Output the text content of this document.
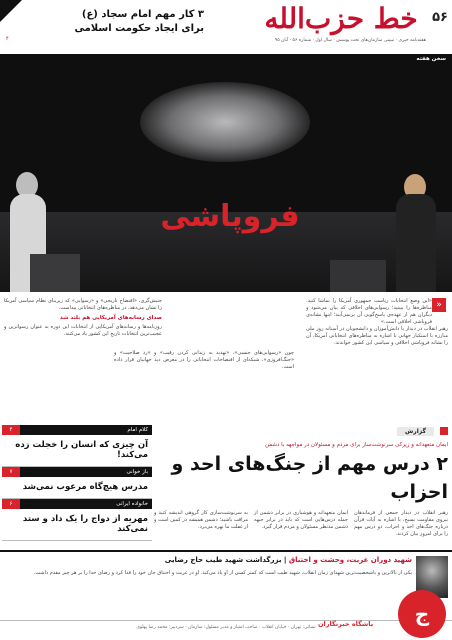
۵۶
خط حزب‌الله
هفته‌نامه خبری · تبیینی سازمان‌های تحت پوشش · سال اول · شماره ۵۶ · آبان ۹۵
۳ کار مهم امام سجاد (ع)
برای ایجاد حکومت اسلامی
۴
سخن هفته
فروپاشی
«
«این وضع انتخابات ریاست جمهوری آمریکا را تماشا کنید. مناظره‌ها را ببینید؛ رسوایی‌های اخلاقی که بیان می‌شود و دیگران هم از عهده‌ی پاسخ‌گویی آن برنمی‌آیند؛ اینها نشانه‌ی فروپاشی اخلاقی است.»
رهبر انقلاب در دیدار با دانش‌آموزان و دانشجویان در آستانه روز ملی مبارزه با استکبار جهانی با اشاره به مناظره‌های انتخاباتی آمریکا، آن را نشانه فروپاشی اخلاقی و سیاسی این کشور خواندند.
چون «رسوایی‌های جنسی»، «تهدید به زندانی کردن رقیب» و «رد صلاحیت» و «جنگ‌افروزی»، شبکه‌ای از افتضاحات انتخاباتی را در معرض دید جهانیان قرار داده است.
جنبش‌گری، «افتضاح تاریخی» و «رسوایی» که زیربنای نظام سیاسی آمریکا را نشان می‌دهد، در مناظره‌های انتخاباتی پیداست.
صدای رسانه‌های آمریکایی هم بلند شد
روزنامه‌ها و رسانه‌های آمریکایی از انتخابات این دوره به عنوان رسواترین و عجیب‌ترین انتخابات تاریخ این کشور یاد می‌کنند.
کلام امام
۴
آن چیزی که انسان را خجلت زده می‌کند!
باز خوانی
۷
مدرس هیچ‌گاه مرعوب نمی‌شد
خانواده ایرانی
۶
مهریه از دواج را یک داد و ستد نمی‌کند
گزارش
ایمان متعهدانه و زیرکی سرنوشت‌ساز برای مردم و مسئولان در مواجهه با دشمن
۲ درس مهم از جنگ‌های احد و احزاب
رهبر انقلاب در دیدار جمعی از فرماندهان نیروی مقاومت بسیج، با اشاره به آیات قرآن درباره جنگ‌های احد و احزاب، دو درس مهم را برای امروز بیان کردند.
ایمان متعهدانه و هوشیاری در برابر دشمن از جمله درس‌هایی است که باید در برابر جبهه دشمن مدنظر مسئولان و مردم قرار گیرد.
به سرنوشت‌سازی کار گروهی اندیشه کنید و مراقب باشید؛ دشمن همیشه در کمین است و از غفلت ما بهره می‌برد.
شهید دوران غربت، وحشت و اختناق | بزرگداشت شهید طیب حاج رضایی
یکی از بالاترین و باشخصیت‌ترین شهدای زمان انقلاب، شهید طیب است که کمتر کسی از او یاد می‌کند. او در غربت و اختناق جان خود را فدا کرد و رضای خدا را بر هر چیز مقدم داشت.
نشانی: تهران · خیابان انقلاب · صاحب امتیاز و مدیر مسئول: سازمان · سردبیر: محمد رضا پهلوی
ج
باشگاه خبرنگاران
